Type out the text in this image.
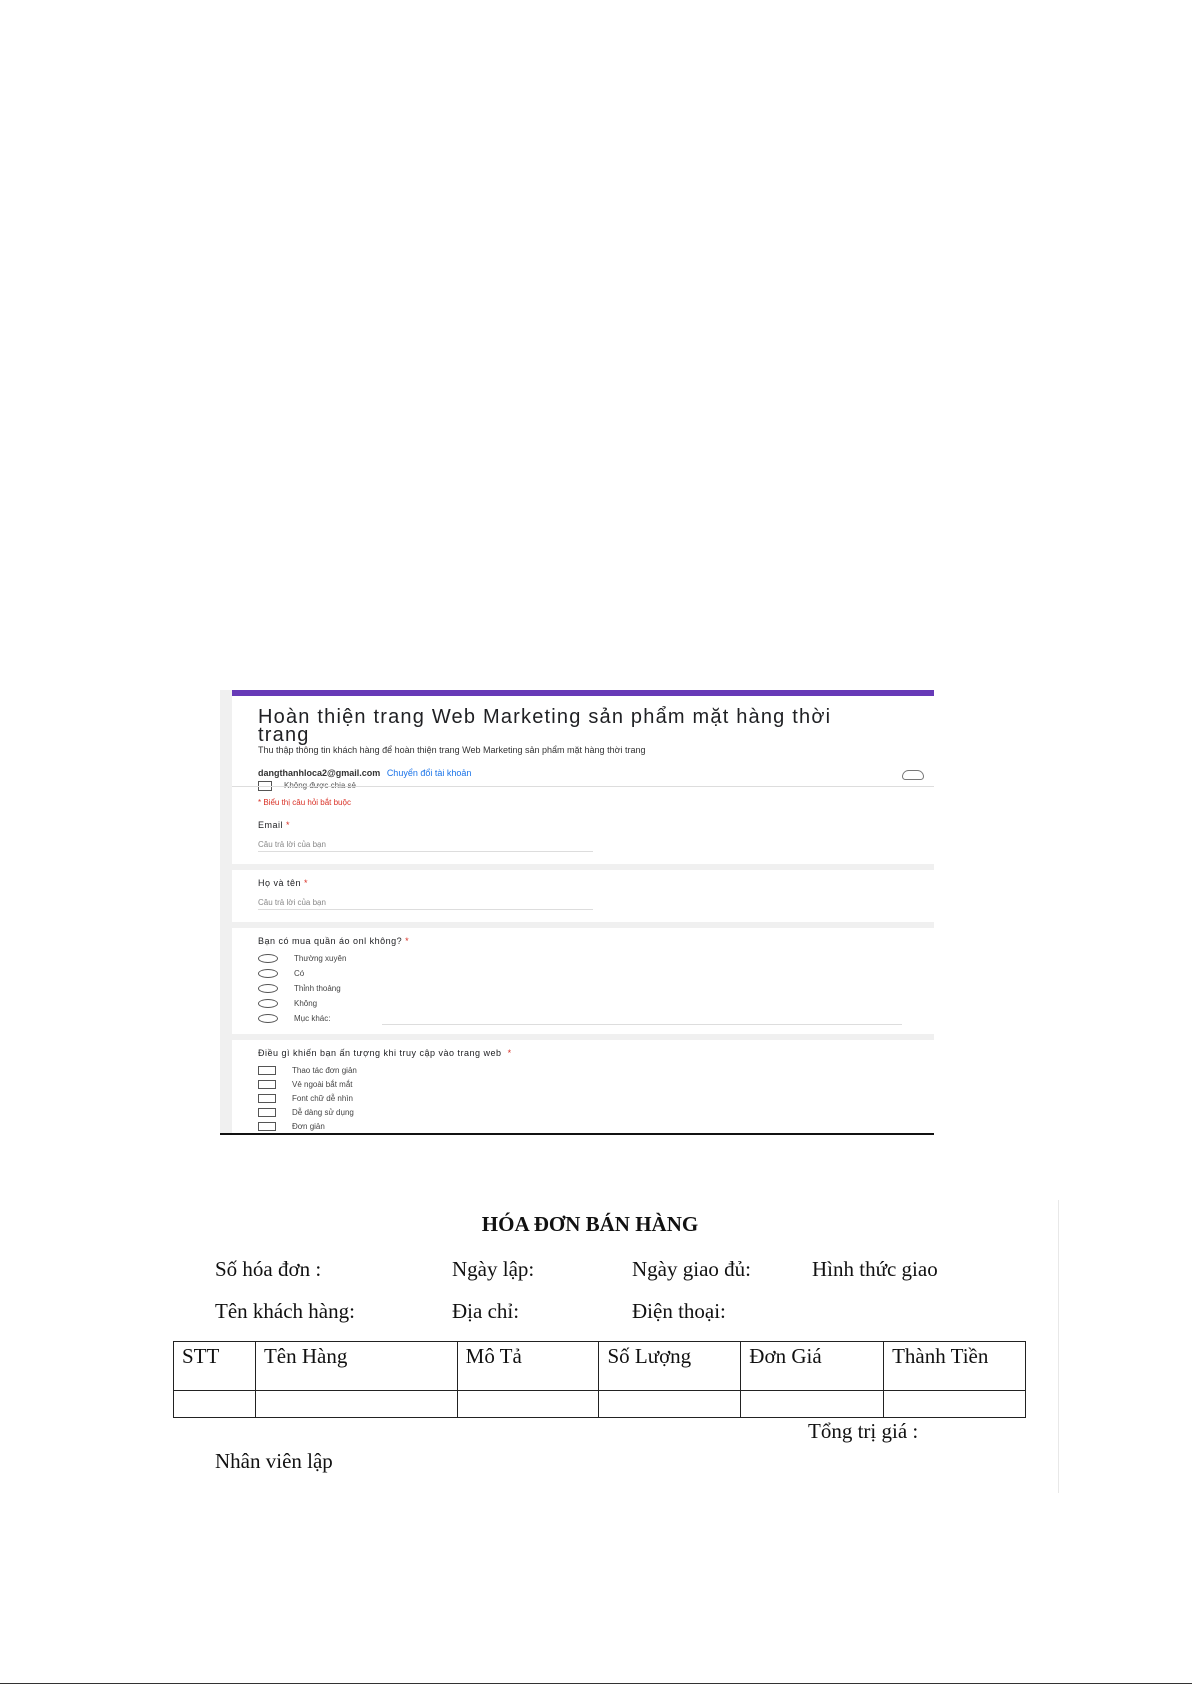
Hoàn thiện trang Web Marketing sản phẩm mặt hàng thời trang
Thu thập thông tin khách hàng để hoàn thiện trang Web Marketing sản phẩm mặt hàng thời trang
dangthanhloca2@gmail.com Chuyển đổi tài khoản
* Biểu thị câu hỏi bắt buộc
Email *
Câu trả lời của bạn
Họ và tên *
Câu trả lời của bạn
Bạn có mua quần áo onl không? *
Thường xuyên
Có
Thỉnh thoảng
Không
Mục khác:
Điều gì khiến bạn ấn tượng khi truy cập vào trang web *
Thao tác đơn giản
Vẻ ngoài bắt mắt
Font chữ dễ nhìn
Dễ dàng sử dụng
Đơn giản
HÓA ĐƠN BÁN HÀNG
Số hóa đơn :	Ngày lập:	Ngày giao đủ:	Hình thức giao
Tên khách hàng:	Địa chỉ:	Điện thoại:
STT	Tên Hàng	Mô Tả	Số Lượng	Đơn Giá	Thành Tiền

Tổng trị giá :
Nhân viên lập
